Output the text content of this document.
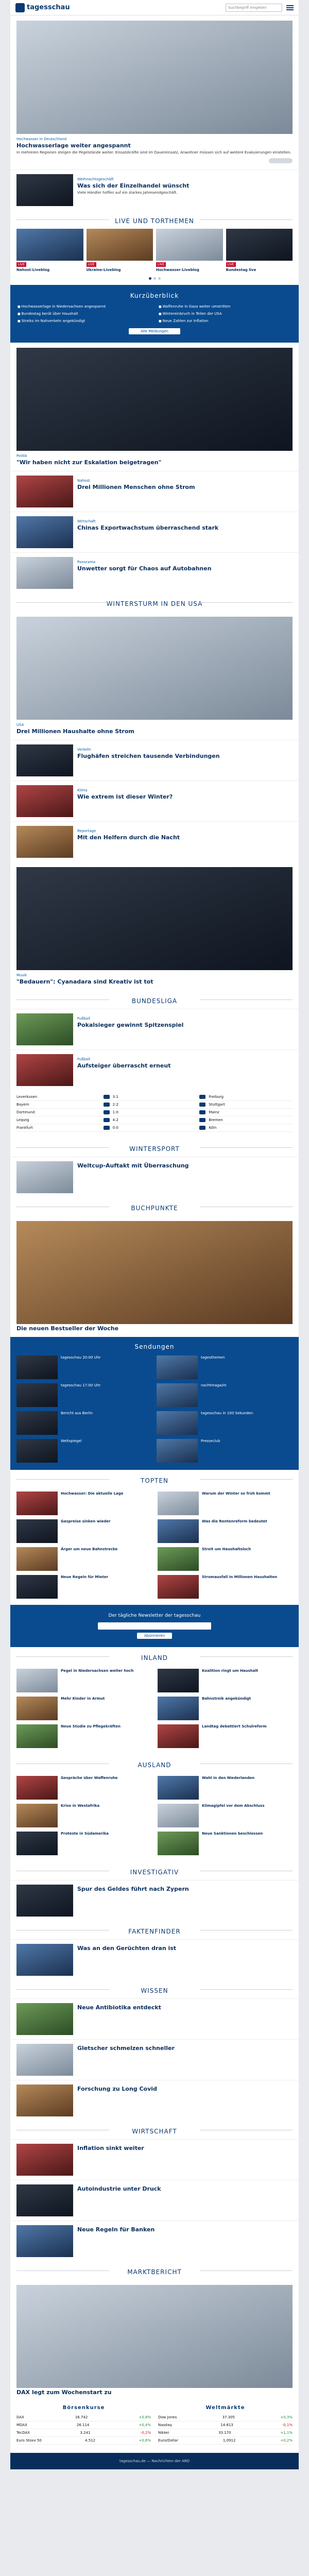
tagesschau	Suchbegriff eingeben
Hochwasser in Deutschland
Hochwasserlage weiter angespannt
In mehreren Regionen steigen die Pegelstände weiter. Einsatzkräfte sind im Dauereinsatz, Anwohner müssen sich auf weitere Evakuierungen einstellen.
Weihnachtsgeschäft
Was sich der Einzelhandel wünscht
Viele Händler hoffen auf ein starkes Jahresendgeschäft.
LIVE UND TORTHEMEN
LIVE
Nahost-Liveblog
LIVE
Ukraine-Liveblog
LIVE
Hochwasser-Liveblog
LIVE
Bundestag live
Kurzüberblick
■ Hochwasserlage in Niedersachsen angespannt	■ Waffenruhe in Gaza weiter umstritten
■ Bundestag berät über Haushalt	■ Wintereinbruch in Teilen der USA
■ Streiks im Nahverkehr angekündigt	■ Neue Zahlen zur Inflation
Alle Meldungen
Politik
"Wir haben nicht zur Eskalation beigetragen"
Nahost
Drei Millionen Menschen ohne Strom
Wirtschaft
Chinas Exportwachstum überraschend stark
Panorama
Unwetter sorgt für Chaos auf Autobahnen
WINTERSTURM IN DEN USA
USA
Drei Millionen Haushalte ohne Strom
Verkehr
Flughäfen streichen tausende Verbindungen
Klima
Wie extrem ist dieser Winter?
Reportage
Mit den Helfern durch die Nacht
Musik
"Bedauern": Cyanadara sind Kreativ ist tot
BUNDESLIGA
Fußball
Pokalsieger gewinnt Spitzenspiel
Fußball
Aufsteiger überrascht erneut
Leverkusen	3:1	Freiburg
Bayern	2:2	Stuttgart
Dortmund	1:0	Mainz
Leipzig	4:2	Bremen
Frankfurt	0:0	Köln
WINTERSPORT
Weltcup-Auftakt mit Überraschung
BUCHPUNKTE
Die neuen Bestseller der Woche
Sendungen
tagesschau 20:00 Uhr	tagesthemen
tagesschau 17:00 Uhr	nachtmagazin
Bericht aus Berlin	tagesschau in 100 Sekunden
Weltspiegel	Presseclub
TOPTEN
Hochwasser: Die aktuelle Lage	Warum der Winter so früh kommt
Gaspreise sinken wieder	Was die Rentenreform bedeutet
Ärger um neue Bahnstrecke	Streit um Haushaltsloch
Neue Regeln für Mieter	Stromausfall in Millionen Haushalten
Der tägliche Newsletter der tagesschau
Abonnieren
INLAND
Pegel in Niedersachsen weiter hoch	Koalition ringt um Haushalt
Mehr Kinder in Armut	Bahnstreik angekündigt
Neue Studie zu Pflegekräften	Landtag debattiert Schulreform
AUSLAND
Gespräche über Waffenruhe	Wahl in den Niederlanden
Krise in Westafrika	Klimagipfel vor dem Abschluss
Proteste in Südamerika	Neue Sanktionen beschlossen
INVESTIGATIV
Spur des Geldes führt nach Zypern
FAKTENFINDER
Was an den Gerüchten dran ist
WISSEN
Neue Antibiotika entdeckt
Gletscher schmelzen schneller
Forschung zu Long Covid
WIRTSCHAFT
Inflation sinkt weiter
Autoindustrie unter Druck
Neue Regeln für Banken
MARKTBERICHT
DAX legt zum Wochenstart zu
Börsenkurse
DAX	16.742	+0,8%
MDAX	26.114	+0,4%
TecDAX	3.241	-0,2%
Euro Stoxx 50	4.512	+0,6%
Weltmärkte
Dow Jones	37.305	+0,3%
Nasdaq	14.813	-0,1%
Nikkei	33.170	+1,1%
Euro/Dollar	1,0912	+0,2%
tagesschau.de — Nachrichten der ARD
